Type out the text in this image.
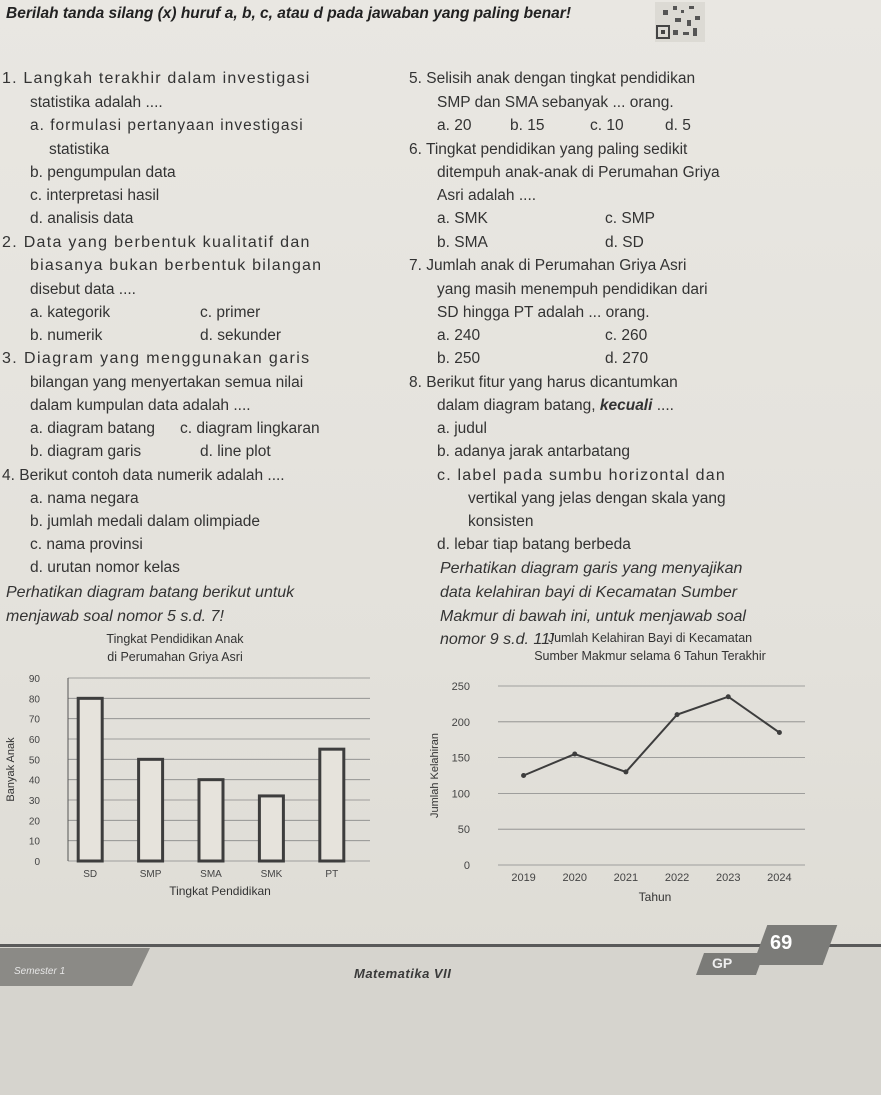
Berilah tanda silang (x) huruf a, b, c, atau d pada jawaban yang paling benar!
1. Langkah terakhir dalam investigasi
statistika adalah ....
a. formulasi pertanyaan investigasi
statistika
b. pengumpulan data
c. interpretasi hasil
d. analisis data
2. Data yang berbentuk kualitatif dan
biasanya bukan berbentuk bilangan
disebut data ....
a. kategorik	c. primer
b. numerik	d. sekunder
3. Diagram yang menggunakan garis
bilangan yang menyertakan semua nilai
dalam kumpulan data adalah ....
a. diagram batang c. diagram lingkaran
b. diagram garis	d. line plot
4. Berikut contoh data numerik adalah ....
a. nama negara
b. jumlah medali dalam olimpiade
c. nama provinsi
d. urutan nomor kelas
Perhatikan diagram batang berikut untuk
menjawab soal nomor 5 s.d. 7!
5. Selisih anak dengan tingkat pendidikan
SMP dan SMA sebanyak ... orang.
a. 20 b. 15	c. 10	d. 5
6. Tingkat pendidikan yang paling sedikit
ditempuh anak-anak di Perumahan Griya
Asri adalah ....
a. SMK	c. SMP
b. SMA	d. SD
7. Jumlah anak di Perumahan Griya Asri
yang masih menempuh pendidikan dari
SD hingga PT adalah ... orang.
a. 240	c. 260
b. 250	d. 270
8. Berikut fitur yang harus dicantumkan
dalam diagram batang, kecuali ....
a. judul
b. adanya jarak antarbatang
c. label pada sumbu horizontal dan
vertikal yang jelas dengan skala yang
konsisten
d. lebar tiap batang berbeda
Perhatikan diagram garis yang menyajikan
data kelahiran bayi di Kecamatan Sumber
Makmur di bawah ini, untuk menjawab soal
nomor 9 s.d. 11!
Tingkat Pendidikan Anak
di Perumahan Griya Asri
0
10
20
30
40
50
60
70
80
90
Banyak Anak
SD	SMP	SMA	SMK	PT
Tingkat Pendidikan
Jumlah Kelahiran Bayi di Kecamatan
Sumber Makmur selama 6 Tahun Terakhir
0
50
100
150
200
250
Jumlah Kelahiran
2019 2020 2021 2022 2023 2024
Tahun
Semester 1	Matematika VII
GP
69
